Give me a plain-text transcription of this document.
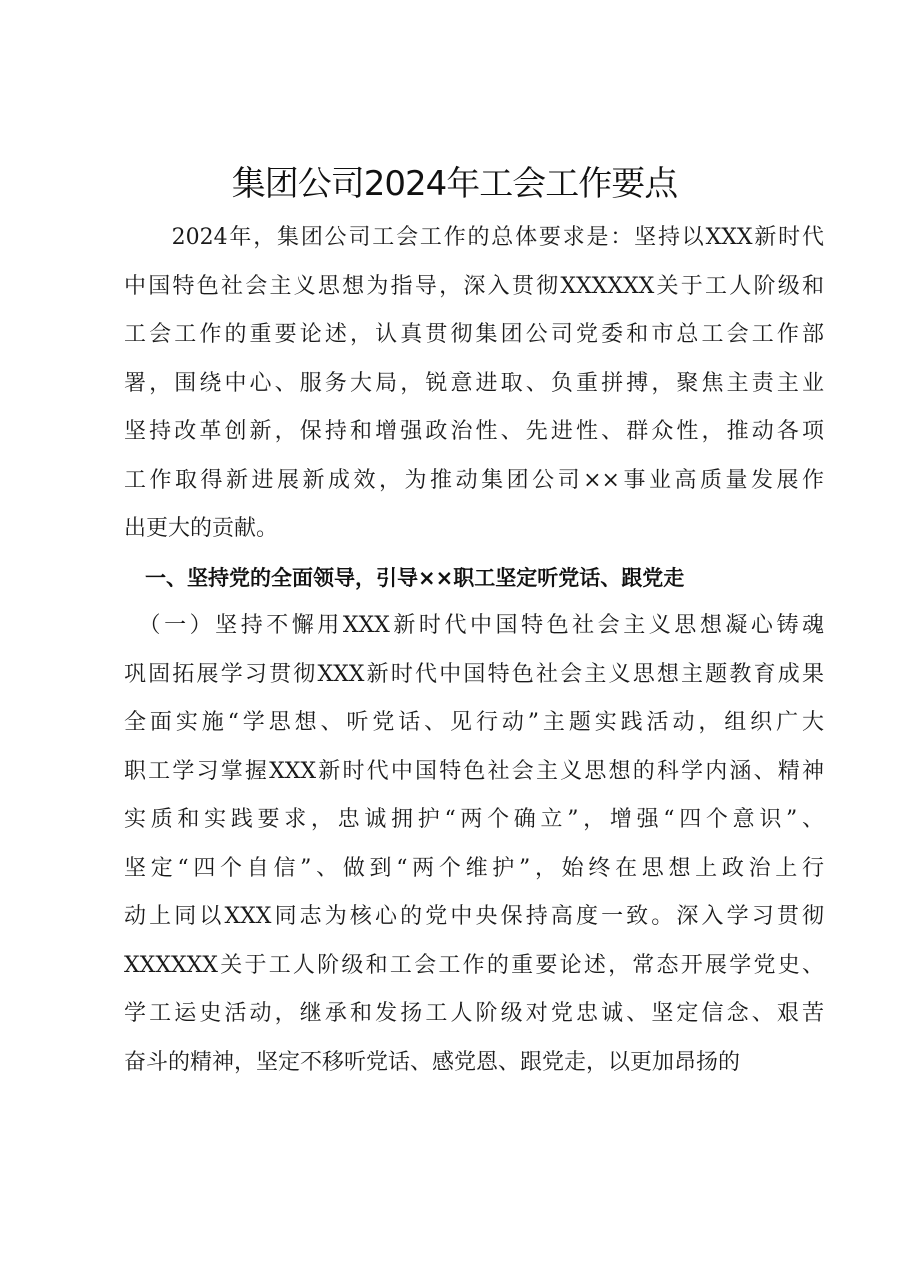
集团公司2024年工会工作要点
　　2024年，集团公司工会工作的总体要求是：坚持以XXX新时代
中国特色社会主义思想为指导，深入贯彻XXXXXX关于工人阶级和
工会工作的重要论述，认真贯彻集团公司党委和市总工会工作部
署，围绕中心、服务大局，锐意进取、负重拼搏，聚焦主责主业
坚持改革创新，保持和增强政治性、先进性、群众性，推动各项
工作取得新进展新成效，为推动集团公司××事业高质量发展作
出更大的贡献。
　一、坚持党的全面领导，引导××职工坚定听党话、跟党走
　（一）坚持不懈用XXX新时代中国特色社会主义思想凝心铸魂
巩固拓展学习贯彻XXX新时代中国特色社会主义思想主题教育成果
全面实施“学思想、听党话、见行动”主题实践活动，组织广大
职工学习掌握XXX新时代中国特色社会主义思想的科学内涵、精神
实质和实践要求，忠诚拥护“两个确立”，增强“四个意识”、
坚定“四个自信”、做到“两个维护”，始终在思想上政治上行
动上同以XXX同志为核心的党中央保持高度一致。深入学习贯彻
XXXXXX关于工人阶级和工会工作的重要论述，常态开展学党史、
学工运史活动，继承和发扬工人阶级对党忠诚、坚定信念、艰苦
奋斗的精神，坚定不移听党话、感党恩、跟党走，以更加昂扬的
